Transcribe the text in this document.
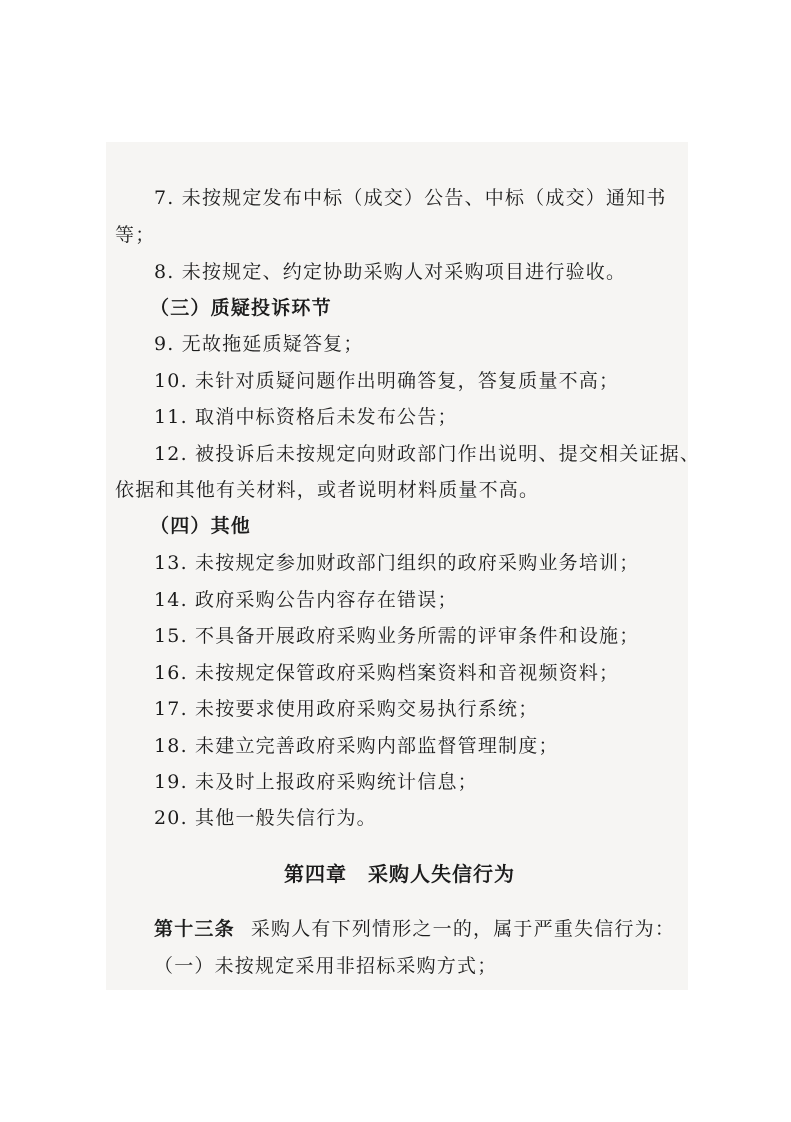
7. 未按规定发布中标（成交）公告、中标（成交）通知书
等；
8. 未按规定、约定协助采购人对采购项目进行验收。
（三）质疑投诉环节
9. 无故拖延质疑答复；
10. 未针对质疑问题作出明确答复，答复质量不高；
11. 取消中标资格后未发布公告；
12. 被投诉后未按规定向财政部门作出说明、提交相关证据、
依据和其他有关材料，或者说明材料质量不高。
（四）其他
13. 未按规定参加财政部门组织的政府采购业务培训；
14. 政府采购公告内容存在错误；
15. 不具备开展政府采购业务所需的评审条件和设施；
16. 未按规定保管政府采购档案资料和音视频资料；
17. 未按要求使用政府采购交易执行系统；
18. 未建立完善政府采购内部监督管理制度；
19. 未及时上报政府采购统计信息；
20. 其他一般失信行为。
第四章　采购人失信行为
第十三条 采购人有下列情形之一的，属于严重失信行为：
（一）未按规定采用非招标采购方式；
